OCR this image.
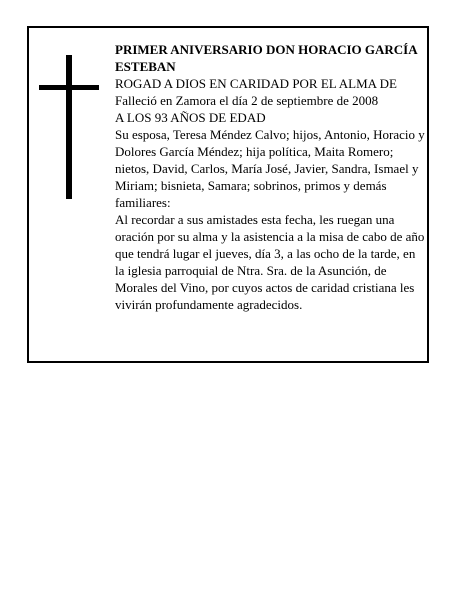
PRIMER ANIVERSARIO DON HORACIO GARCÍA ESTEBAN

ROGAD A DIOS EN CARIDAD POR EL ALMA DE

Falleció en Zamora el día 2 de septiembre de 2008

A LOS 93 AÑOS DE EDAD

Su esposa, Teresa Méndez Calvo; hijos, Antonio, Horacio y Dolores García Méndez; hija política, Maita Romero; nietos, David, Carlos, María José, Javier, Sandra, Ismael y Miriam; bisnieta, Samara; sobrinos, primos y demás familiares:

Al recordar a sus amistades esta fecha, les ruegan una oración por su alma y la asistencia a la misa de cabo de año que tendrá lugar el jueves, día 3, a las ocho de la tarde, en la iglesia parroquial de Ntra. Sra. de la Asunción, de Morales del Vino, por cuyos actos de caridad cristiana les vivirán profundamente agradecidos.
